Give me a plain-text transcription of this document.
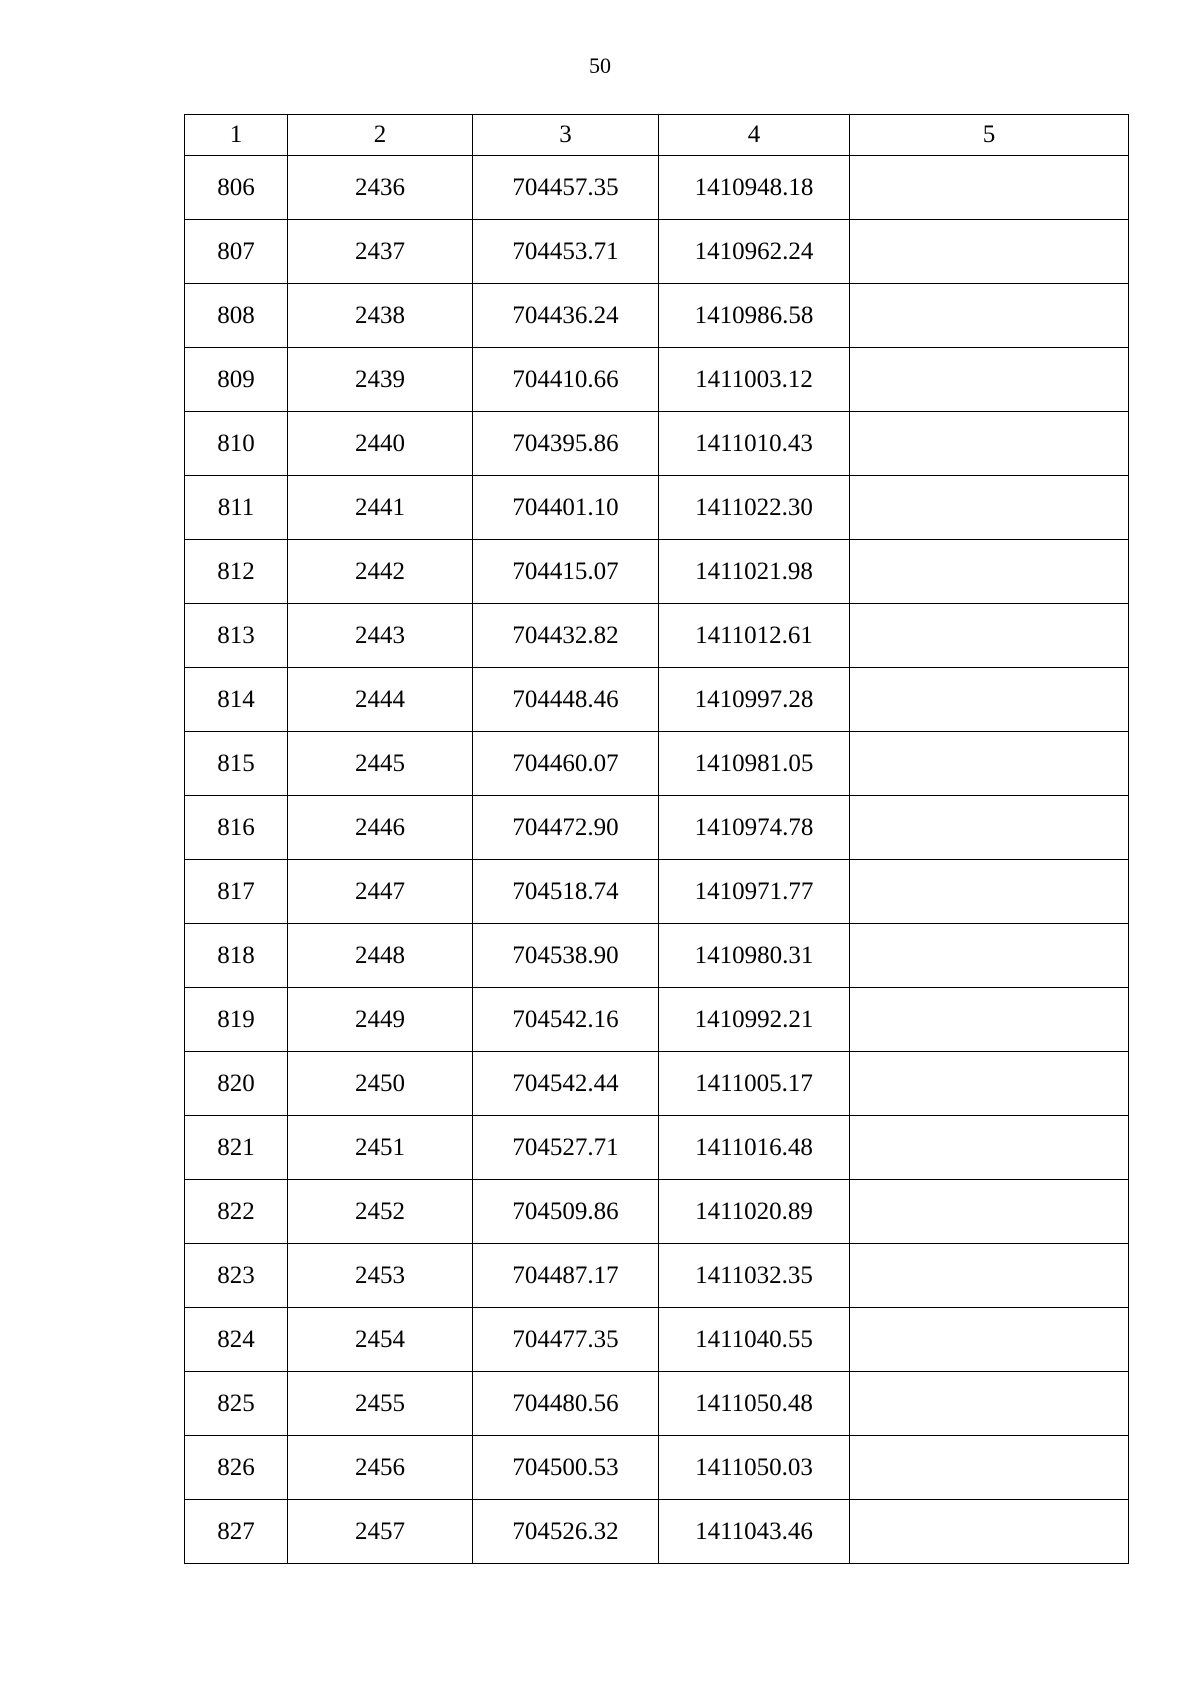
50
1	2	3	4	5
806	2436	704457.35	1410948.18	
807	2437	704453.71	1410962.24	
808	2438	704436.24	1410986.58	
809	2439	704410.66	1411003.12	
810	2440	704395.86	1411010.43	
811	2441	704401.10	1411022.30	
812	2442	704415.07	1411021.98	
813	2443	704432.82	1411012.61	
814	2444	704448.46	1410997.28	
815	2445	704460.07	1410981.05	
816	2446	704472.90	1410974.78	
817	2447	704518.74	1410971.77	
818	2448	704538.90	1410980.31	
819	2449	704542.16	1410992.21	
820	2450	704542.44	1411005.17	
821	2451	704527.71	1411016.48	
822	2452	704509.86	1411020.89	
823	2453	704487.17	1411032.35	
824	2454	704477.35	1411040.55	
825	2455	704480.56	1411050.48	
826	2456	704500.53	1411050.03	
827	2457	704526.32	1411043.46	
